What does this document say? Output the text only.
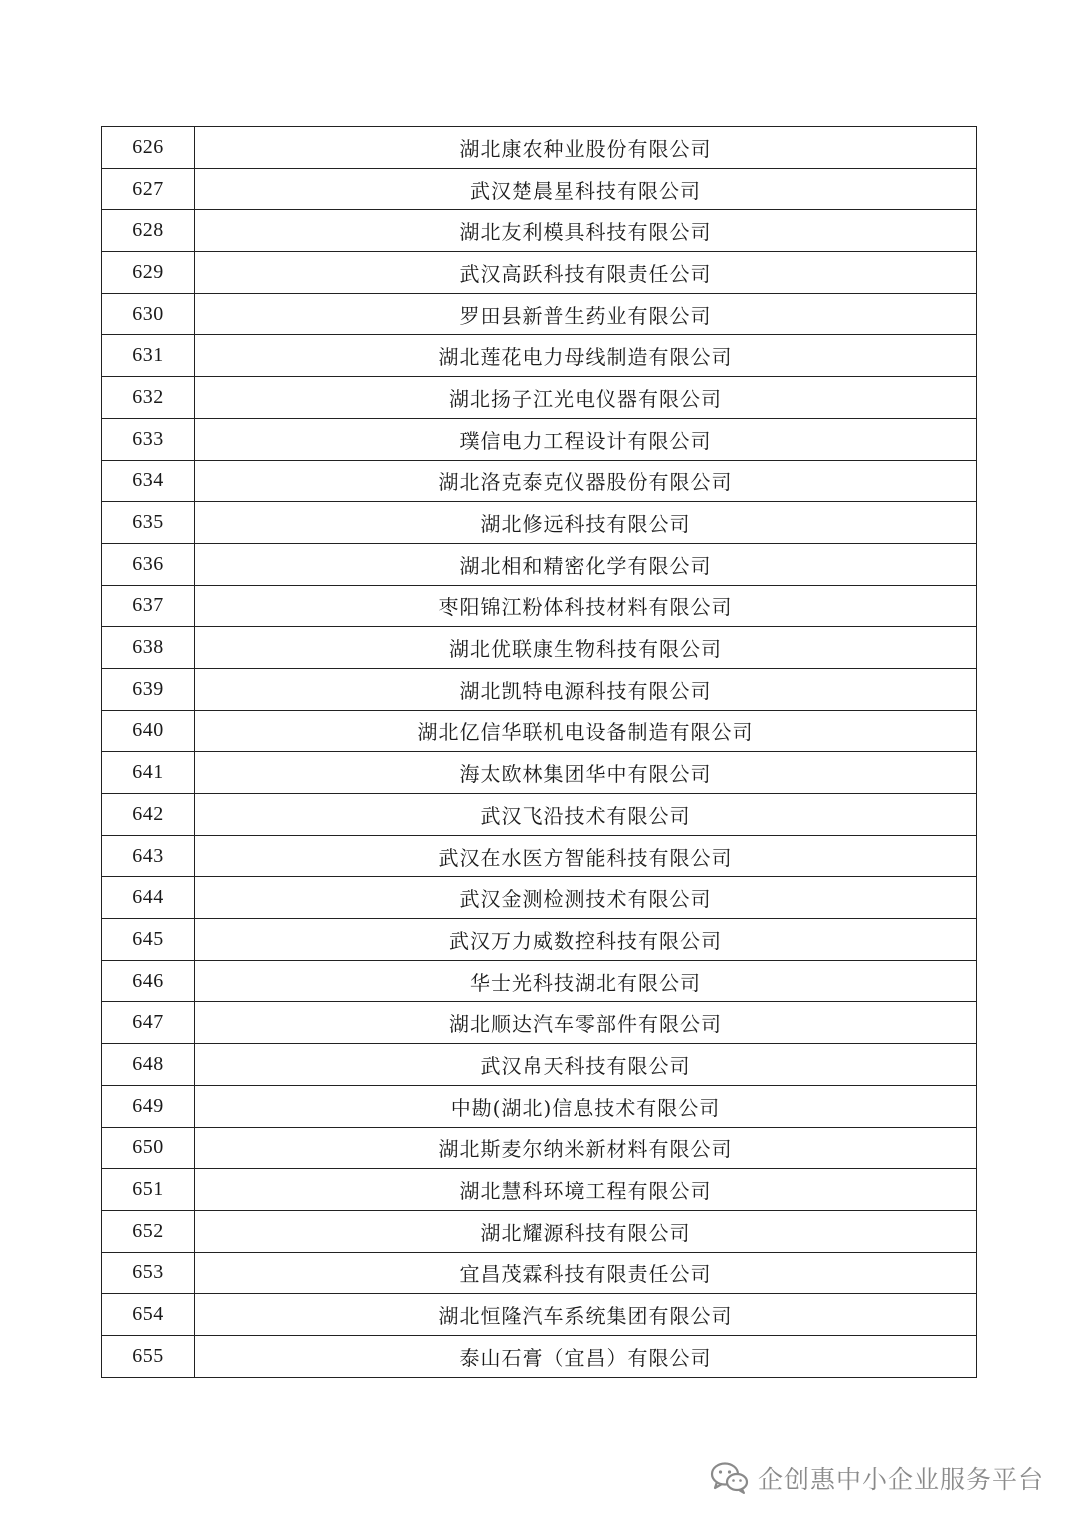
626	湖北康农种业股份有限公司
627	武汉楚晨星科技有限公司
628	湖北友利模具科技有限公司
629	武汉高跃科技有限责任公司
630	罗田县新普生药业有限公司
631	湖北莲花电力母线制造有限公司
632	湖北扬子江光电仪器有限公司
633	璞信电力工程设计有限公司
634	湖北洛克泰克仪器股份有限公司
635	湖北修远科技有限公司
636	湖北相和精密化学有限公司
637	枣阳锦江粉体科技材料有限公司
638	湖北优联康生物科技有限公司
639	湖北凯特电源科技有限公司
640	湖北亿信华联机电设备制造有限公司
641	海太欧林集团华中有限公司
642	武汉飞沿技术有限公司
643	武汉在水医方智能科技有限公司
644	武汉金测检测技术有限公司
645	武汉万力威数控科技有限公司
646	华士光科技湖北有限公司
647	湖北顺达汽车零部件有限公司
648	武汉帛天科技有限公司
649	中勘(湖北)信息技术有限公司
650	湖北斯麦尔纳米新材料有限公司
651	湖北慧科环境工程有限公司
652	湖北耀源科技有限公司
653	宜昌茂霖科技有限责任公司
654	湖北恒隆汽车系统集团有限公司
655	泰山石膏（宜昌）有限公司
企创惠中小企业服务平台
